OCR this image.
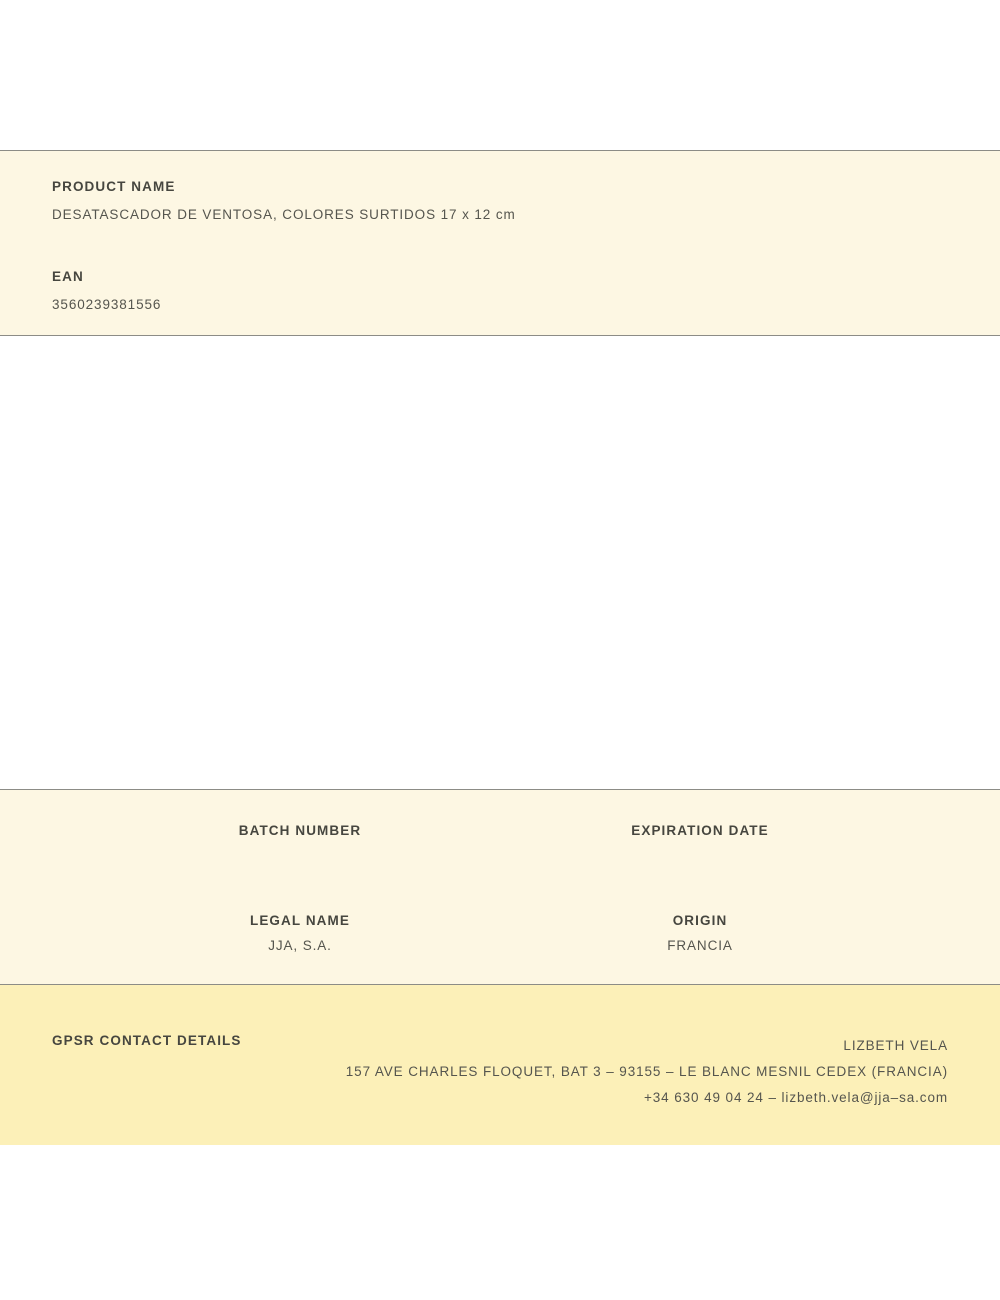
PRODUCT NAME
DESATASCADOR DE VENTOSA, COLORES SURTIDOS 17 x 12 cm
EAN
3560239381556
BATCH NUMBER	EXPIRATION DATE
LEGAL NAME
JJA, S.A.
ORIGIN
FRANCIA
GPSR CONTACT DETAILS	LIZBETH VELA
157 AVE CHARLES FLOQUET, BAT 3 – 93155 – LE BLANC MESNIL CEDEX (FRANCIA)
+34 630 49 04 24 – lizbeth.vela@jja–sa.com
